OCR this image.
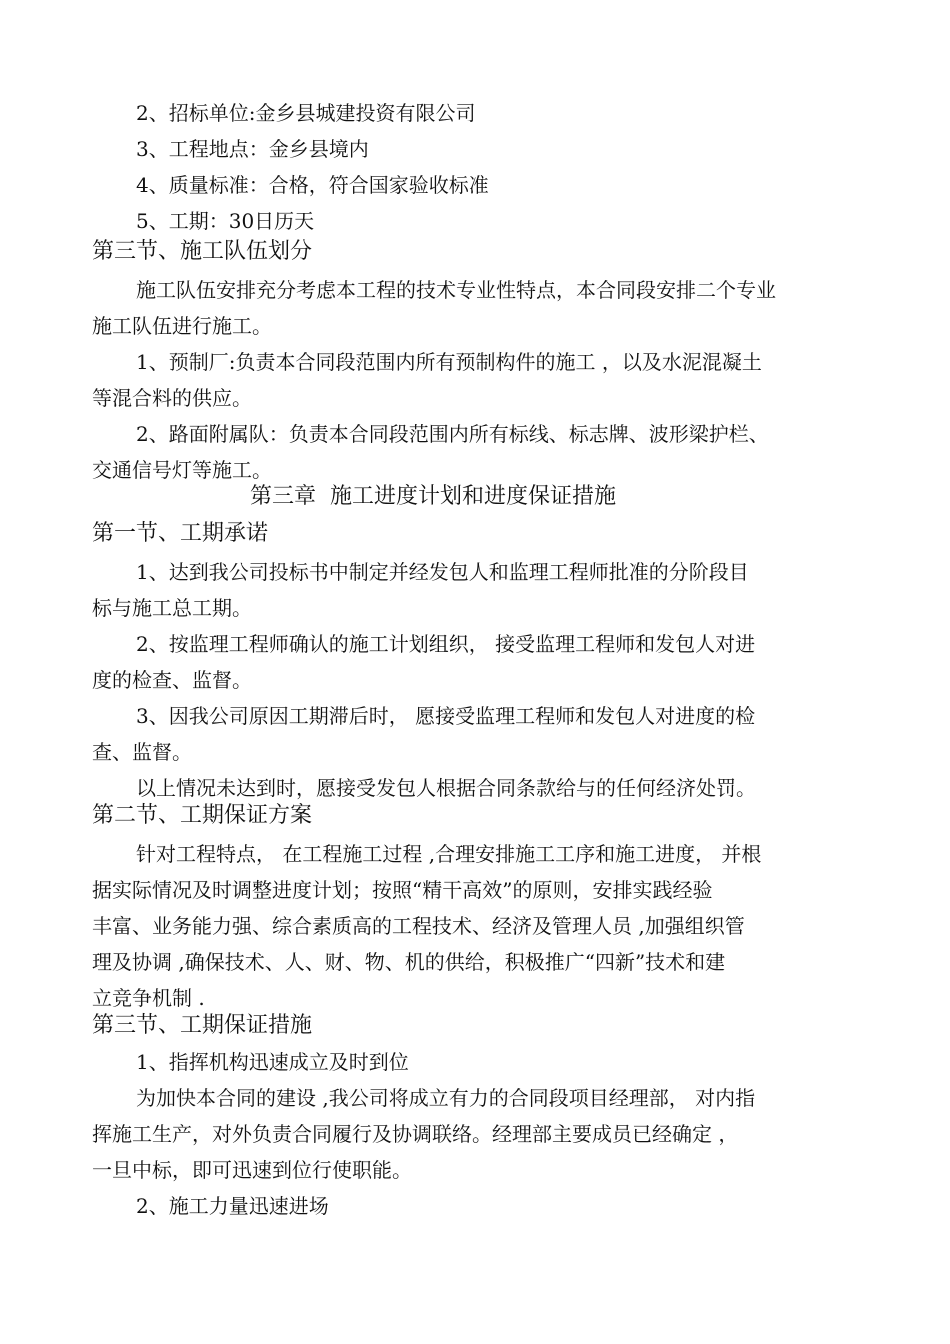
2、招标单位:金乡县城建投资有限公司
3、工程地点：金乡县境内
4、质量标准：合格，符合国家验收标准
5、工期：30日历天
第三节、施工队伍划分
施工队伍安排充分考虑本工程的技术专业性特点，本合同段安排二个专业
施工队伍进行施工。
1、预制厂:负责本合同段范围内所有预制构件的施工 ，以及水泥混凝土
等混合料的供应。
2、路面附属队：负责本合同段范围内所有标线、标志牌、波形梁护栏、
交通信号灯等施工。
第三章  施工进度计划和进度保证措施
第一节、工期承诺
1、达到我公司投标书中制定并经发包人和监理工程师批准的分阶段目
标与施工总工期。
2、按监理工程师确认的施工计划组织， 接受监理工程师和发包人对进
度的检查、监督。
3、因我公司原因工期滞后时， 愿接受监理工程师和发包人对进度的检
查、监督。
以上情况未达到时，愿接受发包人根据合同条款给与的任何经济处罚。
第二节、工期保证方案
针对工程特点， 在工程施工过程 ,合理安排施工工序和施工进度， 并根
据实际情况及时调整进度计划；按照“精干高效”的原则，安排实践经验
丰富、业务能力强、综合素质高的工程技术、经济及管理人员 ,加强组织管
理及协调 ,确保技术、人、财、物、机的供给，积极推广“四新”技术和建
立竞争机制 .
第三节、工期保证措施
1、指挥机构迅速成立及时到位
为加快本合同的建设 ,我公司将成立有力的合同段项目经理部， 对内指
挥施工生产，对外负责合同履行及协调联络。经理部主要成员已经确定 ，
一旦中标，即可迅速到位行使职能。
2、施工力量迅速进场
